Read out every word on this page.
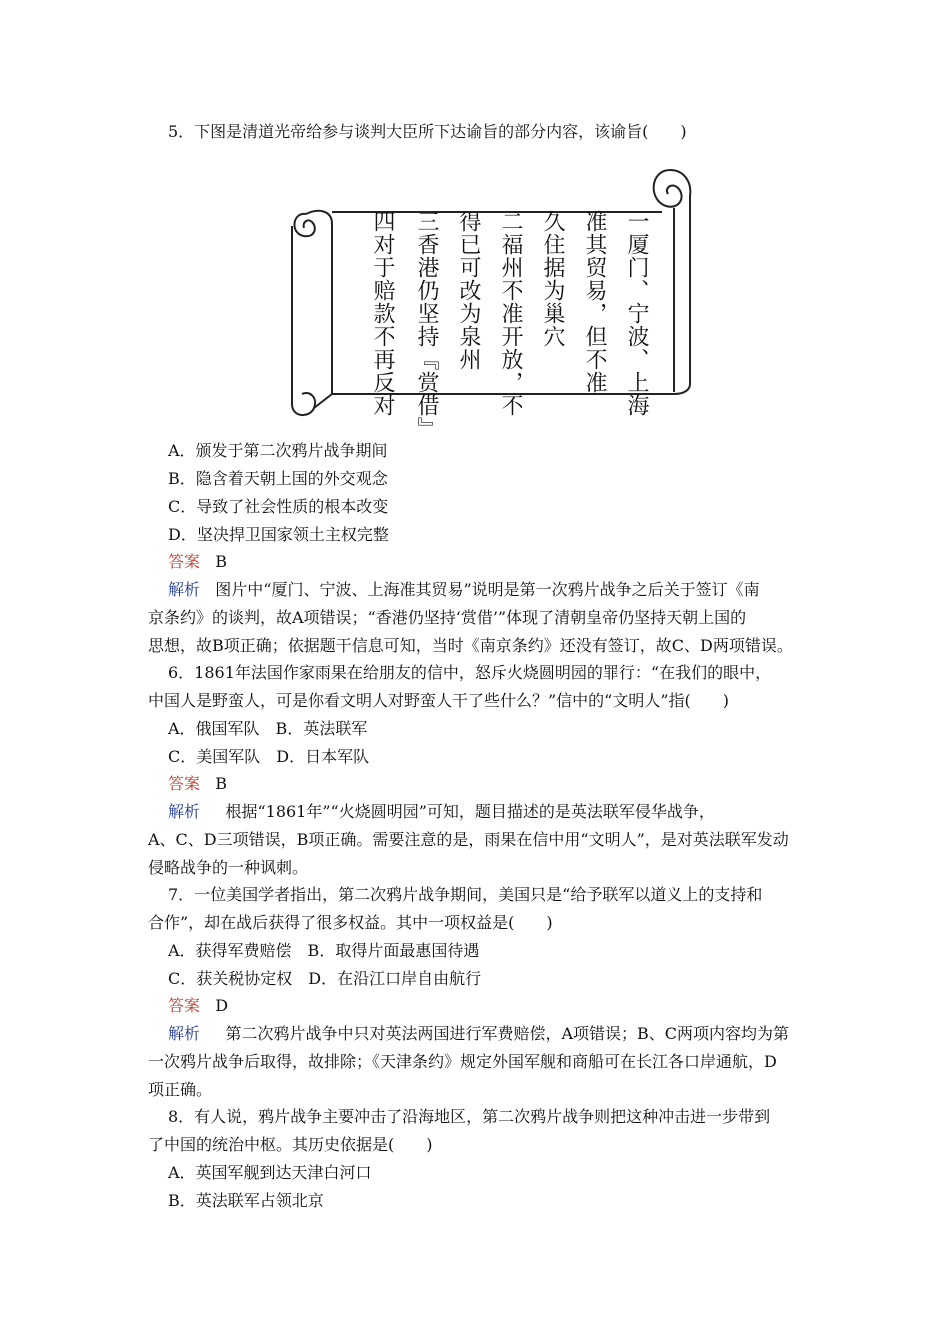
5．下图是清道光帝给参与谈判大臣所下达谕旨的部分内容，该谕旨(　　)
一厦门、宁波、上海
准其贸易，但不准
久住据为巢穴
二福州不准开放，不
得已可改为泉州
三香港仍坚持『赏借』
四对于赔款不再反对
A．颁发于第二次鸦片战争期间
B．隐含着天朝上国的外交观念
C．导致了社会性质的根本改变
D．坚决捍卫国家领土主权完整
答案 B
解析 图片中“厦门、宁波、上海准其贸易”说明是第一次鸦片战争之后关于签订《南
京条约》的谈判，故A项错误；“香港仍坚持‘赏借’”体现了清朝皇帝仍坚持天朝上国的
思想，故B项正确；依据题干信息可知，当时《南京条约》还没有签订，故C、D两项错误。
6．1861年法国作家雨果在给朋友的信中，怒斥火烧圆明园的罪行：“在我们的眼中，
中国人是野蛮人，可是你看文明人对野蛮人干了些什么？”信中的“文明人”指(　　)
A．俄国军队　B．英法联军
C．美国军队　D．日本军队
答案 B
解析 根据“1861年”“火烧圆明园”可知，题目描述的是英法联军侵华战争，
A、C、D三项错误，B项正确。需要注意的是，雨果在信中用“文明人”，是对英法联军发动
侵略战争的一种讽刺。
7．一位美国学者指出，第二次鸦片战争期间，美国只是“给予联军以道义上的支持和
合作”，却在战后获得了很多权益。其中一项权益是(　　)
A．获得军费赔偿　B．取得片面最惠国待遇
C．获关税协定权　D．在沿江口岸自由航行
答案 D
解析 第二次鸦片战争中只对英法两国进行军费赔偿，A项错误；B、C两项内容均为第
一次鸦片战争后取得，故排除；《天津条约》规定外国军舰和商船可在长江各口岸通航，D
项正确。
8．有人说，鸦片战争主要冲击了沿海地区，第二次鸦片战争则把这种冲击进一步带到
了中国的统治中枢。其历史依据是(　　)
A．英国军舰到达天津白河口
B．英法联军占领北京
